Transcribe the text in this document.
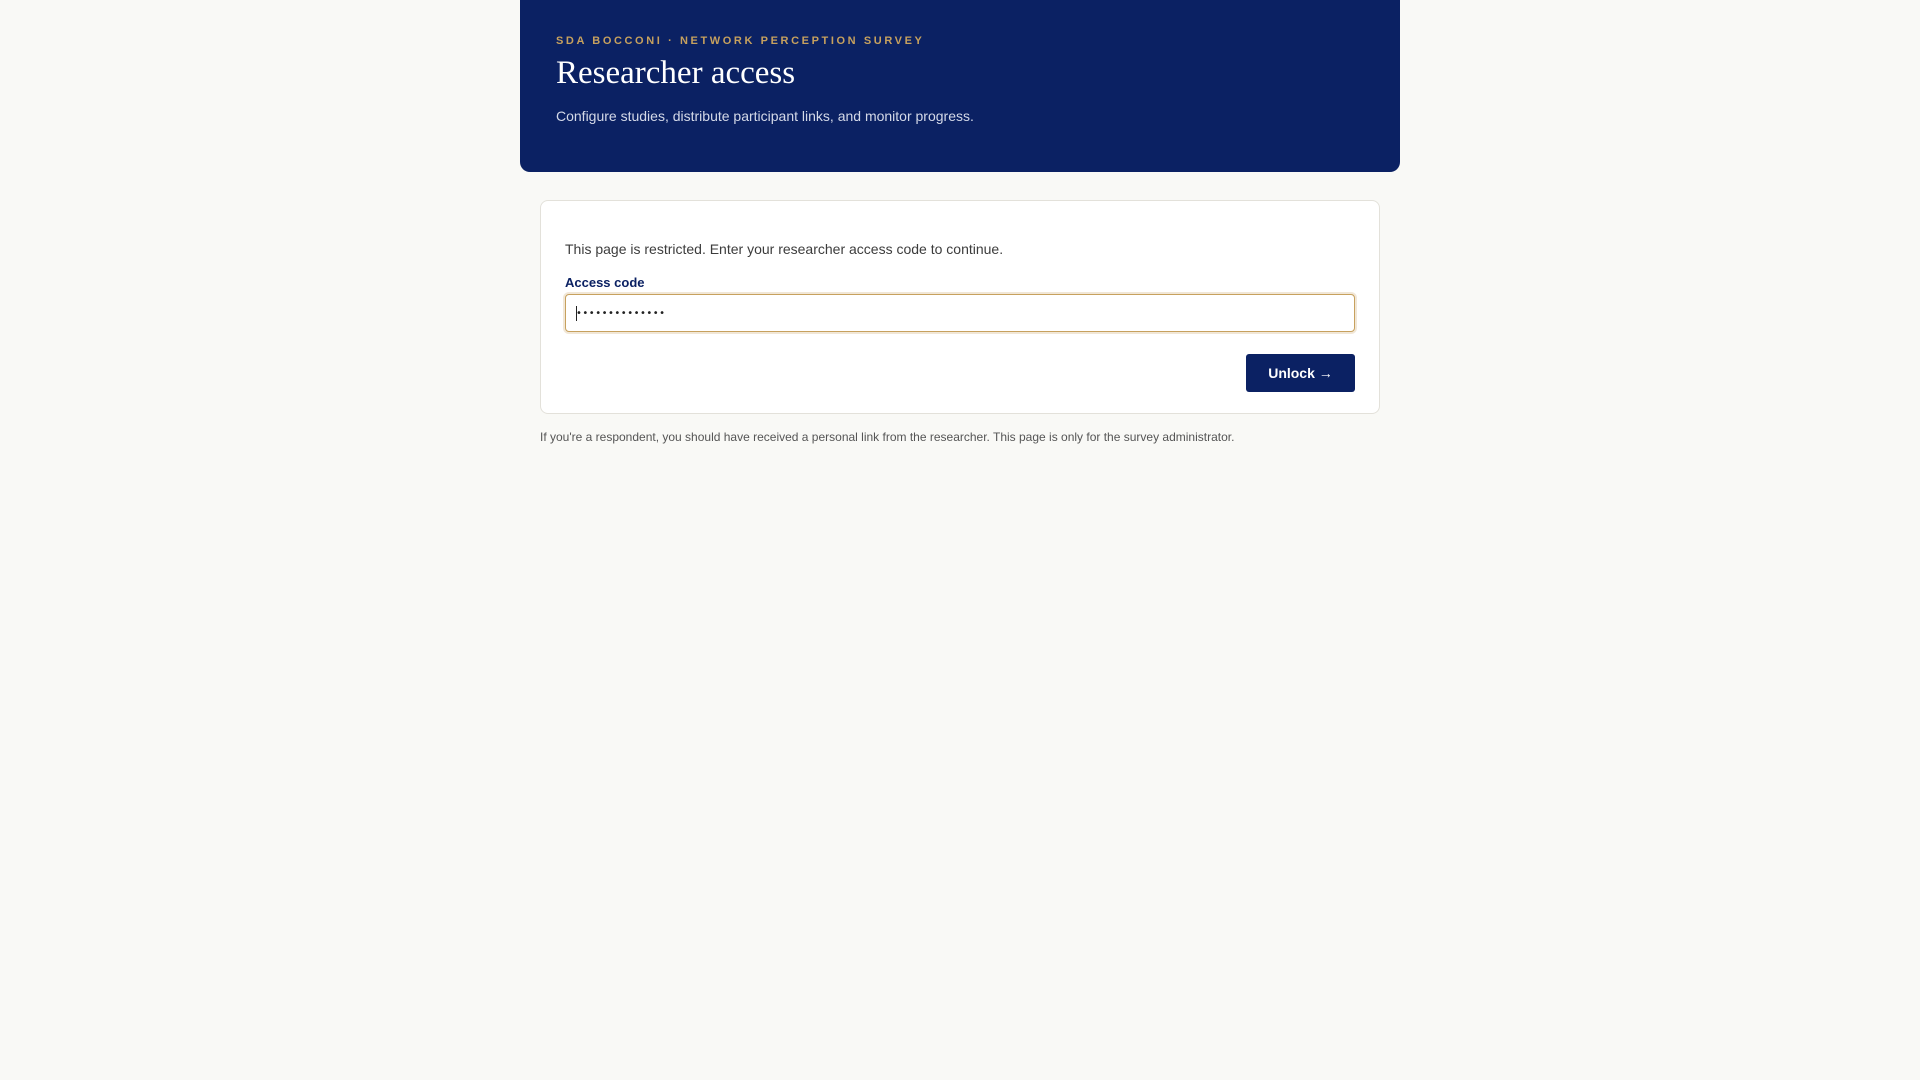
SDA BOCCONI · NETWORK PERCEPTION SURVEY
Researcher access
Configure studies, distribute participant links, and monitor progress.
This page is restricted. Enter your researcher access code to continue.
Access code
••••••••••••••
Unlock →
If you're a respondent, you should have received a personal link from the researcher. This page is only for the survey administrator.
